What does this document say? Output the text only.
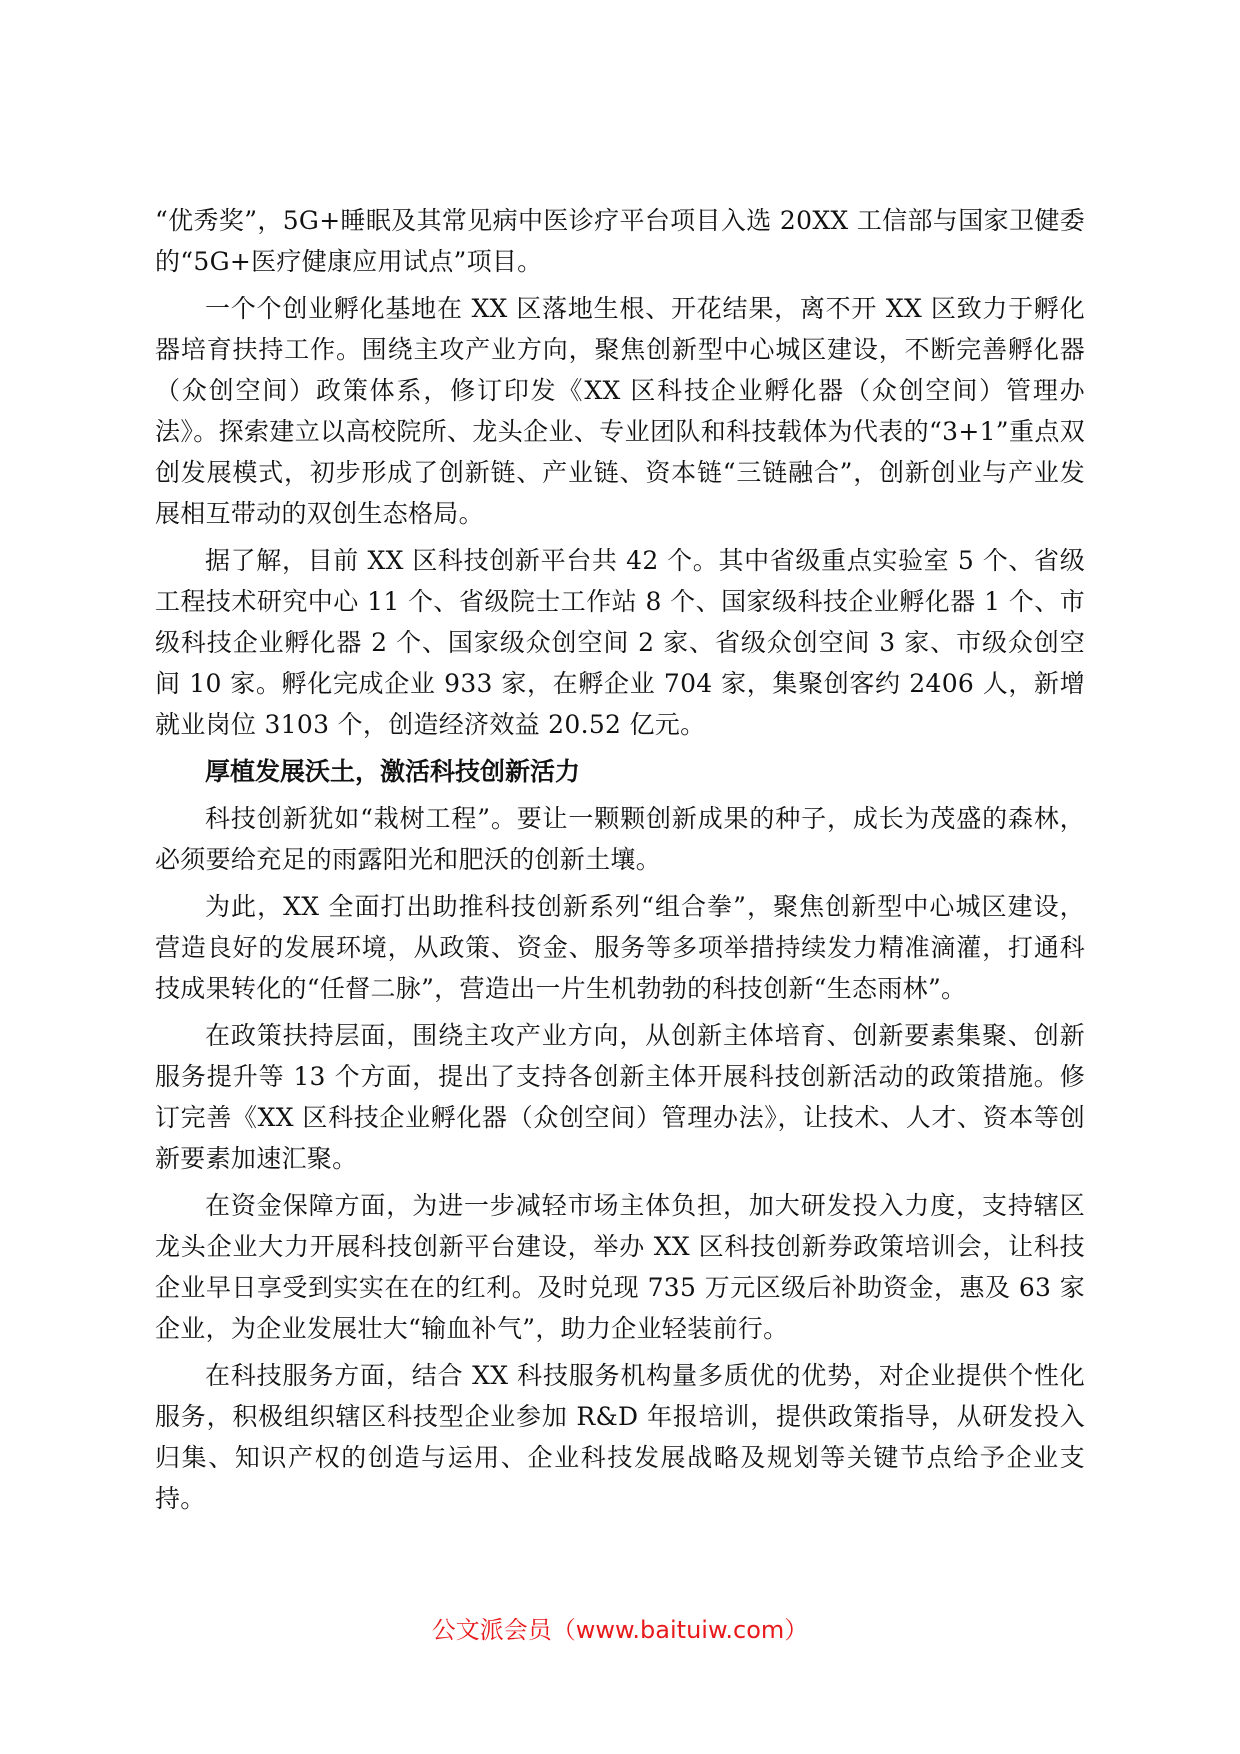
“优秀奖”，5G+睡眠及其常见病中医诊疗平台项目入选 20XX 工信部与国家卫健委的“5G+医疗健康应用试点”项目。

一个个创业孵化基地在 XX 区落地生根、开花结果，离不开 XX 区致力于孵化器培育扶持工作。围绕主攻产业方向，聚焦创新型中心城区建设，不断完善孵化器（众创空间）政策体系，修订印发《XX 区科技企业孵化器（众创空间）管理办法》。探索建立以高校院所、龙头企业、专业团队和科技载体为代表的“3+1”重点双创发展模式，初步形成了创新链、产业链、资本链“三链融合”，创新创业与产业发展相互带动的双创生态格局。

据了解，目前 XX 区科技创新平台共 42 个。其中省级重点实验室 5 个、省级工程技术研究中心 11 个、省级院士工作站 8 个、国家级科技企业孵化器 1 个、市级科技企业孵化器 2 个、国家级众创空间 2 家、省级众创空间 3 家、市级众创空间 10 家。孵化完成企业 933 家，在孵企业 704 家，集聚创客约 2406 人，新增就业岗位 3103 个，创造经济效益 20.52 亿元。

厚植发展沃土，激活科技创新活力

科技创新犹如“栽树工程”。要让一颗颗创新成果的种子，成长为茂盛的森林，必须要给充足的雨露阳光和肥沃的创新土壤。

为此，XX 全面打出助推科技创新系列“组合拳”，聚焦创新型中心城区建设，营造良好的发展环境，从政策、资金、服务等多项举措持续发力精准滴灌，打通科技成果转化的“任督二脉”，营造出一片生机勃勃的科技创新“生态雨林”。

在政策扶持层面，围绕主攻产业方向，从创新主体培育、创新要素集聚、创新服务提升等 13 个方面，提出了支持各创新主体开展科技创新活动的政策措施。修订完善《XX 区科技企业孵化器（众创空间）管理办法》，让技术、人才、资本等创新要素加速汇聚。

在资金保障方面，为进一步减轻市场主体负担，加大研发投入力度，支持辖区龙头企业大力开展科技创新平台建设，举办 XX 区科技创新券政策培训会，让科技企业早日享受到实实在在的红利。及时兑现 735 万元区级后补助资金，惠及 63 家企业，为企业发展壮大“输血补气”，助力企业轻装前行。

在科技服务方面，结合 XX 科技服务机构量多质优的优势，对企业提供个性化服务，积极组织辖区科技型企业参加 R&D 年报培训，提供政策指导，从研发投入归集、知识产权的创造与运用、企业科技发展战略及规划等关键节点给予企业支持。

公文派会员（www.baituiw.com）
